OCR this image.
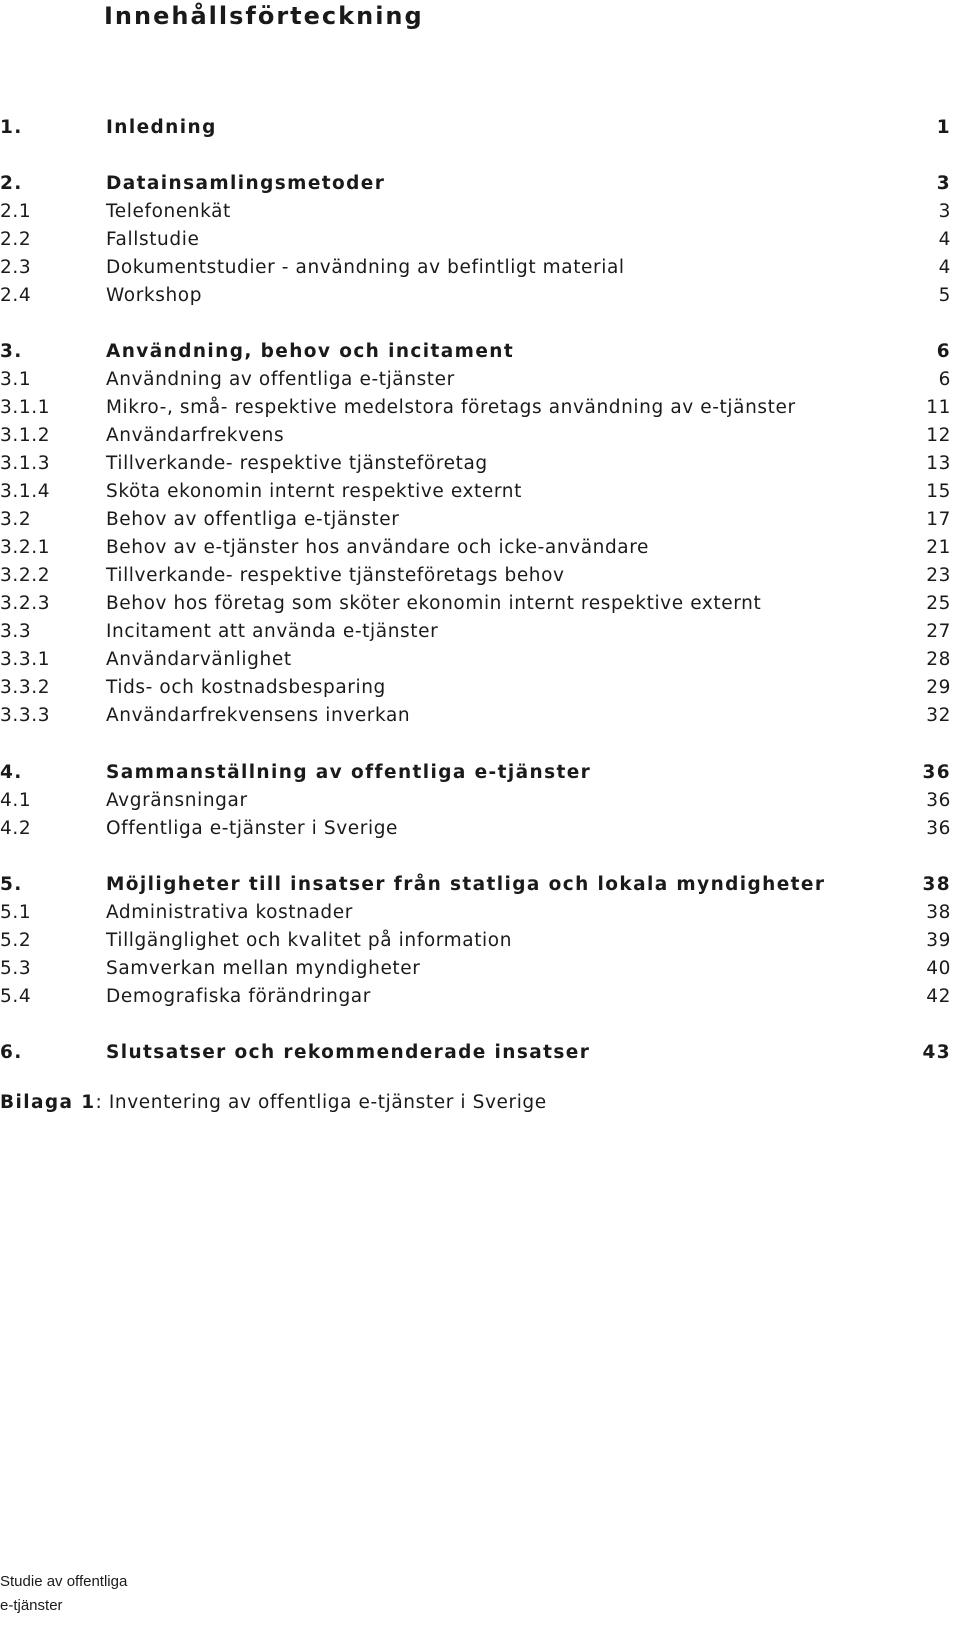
Innehållsförteckning
1.	Inledning	1
2.	Datainsamlingsmetoder	3
2.1	Telefonenkät	3
2.2	Fallstudie	4
2.3	Dokumentstudier - användning av befintligt material	4
2.4	Workshop	5
3.	Användning, behov och incitament	6
3.1	Användning av offentliga e-tjänster	6
3.1.1	Mikro-, små- respektive medelstora företags användning av e-tjänster	11
3.1.2	Användarfrekvens	12
3.1.3	Tillverkande- respektive tjänsteföretag	13
3.1.4	Sköta ekonomin internt respektive externt	15
3.2	Behov av offentliga e-tjänster	17
3.2.1	Behov av e-tjänster hos användare och icke-användare	21
3.2.2	Tillverkande- respektive tjänsteföretags behov	23
3.2.3	Behov hos företag som sköter ekonomin internt respektive externt	25
3.3	Incitament att använda e-tjänster	27
3.3.1	Användarvänlighet	28
3.3.2	Tids- och kostnadsbesparing	29
3.3.3	Användarfrekvensens inverkan	32
4.	Sammanställning av offentliga e-tjänster	36
4.1	Avgränsningar	36
4.2	Offentliga e-tjänster i Sverige	36
5.	Möjligheter till insatser från statliga och lokala myndigheter	38
5.1	Administrativa kostnader	38
5.2	Tillgänglighet och kvalitet på information	39
5.3	Samverkan mellan myndigheter	40
5.4	Demografiska förändringar	42
6.	Slutsatser och rekommenderade insatser	43
Bilaga 1: Inventering av offentliga e-tjänster i Sverige
Studie av offentliga
e-tjänster
